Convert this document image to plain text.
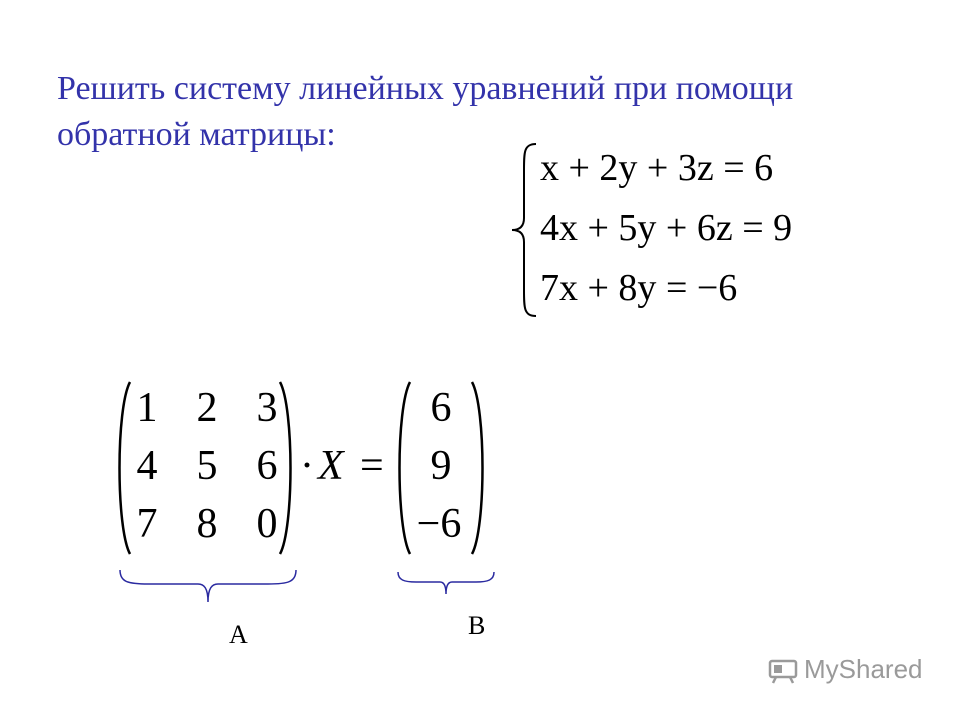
Решить систему линейных уравнений при помощи
обратной матрицы:
x + 2y + 3z = 6
4x + 5y + 6z = 9
7x + 8y = −6
· X =
A	B
MyShared
1 2 3
4 5 6
7 8 0
6
9
−6
